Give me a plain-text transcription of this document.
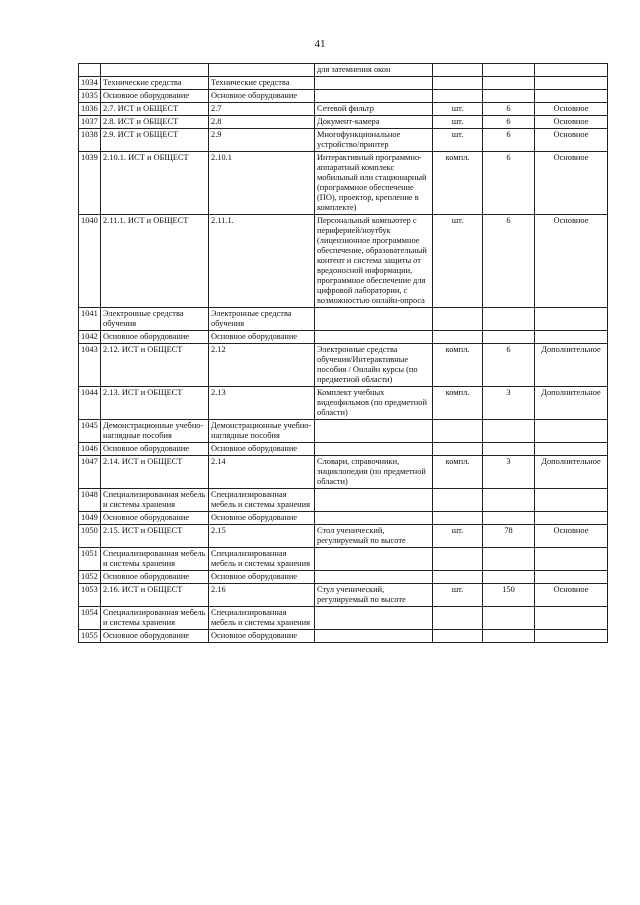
41
			для затемнения окон			
1034	Технические средства	Технические средства				
1035	Основное оборудование	Основное оборудование				
1036	2.7. ИСТ и ОБЩЕСТ	2.7	Сетевой фильтр	шт.	6	Основное
1037	2.8. ИСТ и ОБЩЕСТ	2.8	Документ-камера	шт.	6	Основное
1038	2.9. ИСТ и ОБЩЕСТ	2.9	Многофункциональное устройство/принтер	шт.	6	Основное
1039	2.10.1. ИСТ и ОБЩЕСТ	2.10.1	Интерактивный программно-аппаратный комплекс мобильный или стационарный (программное обеспечение (ПО), проектор, крепление в комплекте)	компл.	6	Основное
1040	2.11.1. ИСТ и ОБЩЕСТ	2.11.1.	Персональный компьютер с периферией/ноутбук (лицензионное программное обеспечение, образовательный контент и система защиты от вредоносной информации, программное обеспечение для цифровой лаборатории, с возможностью онлайн-опроса	шт.	6	Основное
1041	Электронные средства обучения	Электронные средства обучения				
1042	Основное оборудование	Основное оборудование				
1043	2.12. ИСТ и ОБЩЕСТ	2.12	Электронные средства обучения/Интерактивные пособия / Онлайн курсы (по предметной области)	компл.	6	Дополнительное
1044	2.13. ИСТ и ОБЩЕСТ	2.13	Комплект учебных видеофильмов (по предметной области)	компл.	3	Дополнительное
1045	Демонстрационные учебно-наглядные пособия	Демонстрационные учебно-наглядные пособия				
1046	Основное оборудование	Основное оборудование				
1047	2.14. ИСТ и ОБЩЕСТ	2.14	Словари, справочники, энциклопедии (по предметной области)	компл.	3	Дополнительное
1048	Специализированная мебель и системы хранения	Специализированная мебель и системы хранения				
1049	Основное оборудование	Основное оборудование				
1050	2.15. ИСТ и ОБЩЕСТ	2.15	Стол ученический, регулируемый по высоте	шт.	78	Основное
1051	Специализированная мебель и системы хранения	Специализированная мебель и системы хранения				
1052	Основное оборудование	Основное оборудование				
1053	2.16. ИСТ и ОБЩЕСТ	2.16	Стул ученический, регулируемый по высоте	шт.	150	Основное
1054	Специализированная мебель и системы хранения	Специализированная мебель и системы хранения				
1055	Основное оборудование	Основное оборудование				
